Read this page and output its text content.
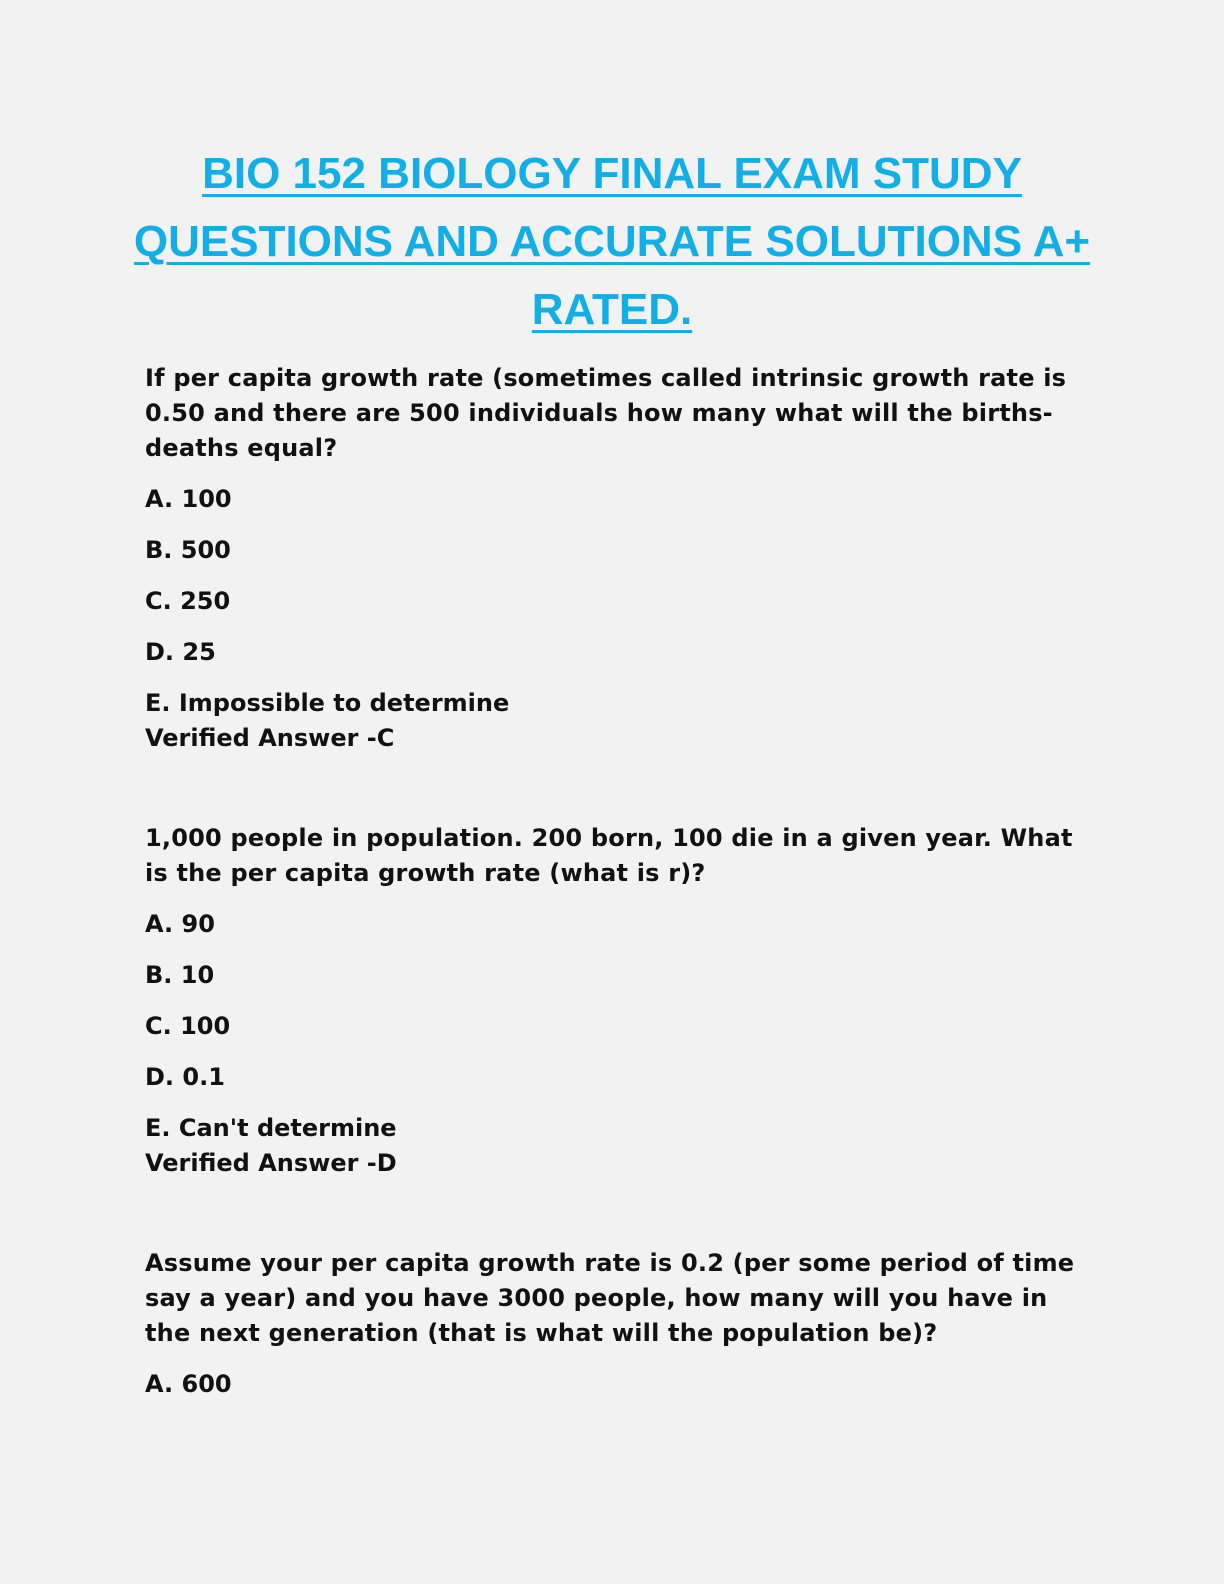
BIO 152 BIOLOGY FINAL EXAM STUDY
QUESTIONS AND ACCURATE SOLUTIONS A+
RATED.

If per capita growth rate (sometimes called intrinsic growth rate is 0.50 and there are 500 individuals how many what will the births-deaths equal?

A. 100

B. 500

C. 250

D. 25

E. Impossible to determine

Verified Answer -C

1,000 people in population. 200 born, 100 die in a given year. What is the per capita growth rate (what is r)?

A. 90

B. 10

C. 100

D. 0.1

E. Can't determine

Verified Answer -D

Assume your per capita growth rate is 0.2 (per some period of time say a year) and you have 3000 people, how many will you have in the next generation (that is what will the population be)?

A. 600
